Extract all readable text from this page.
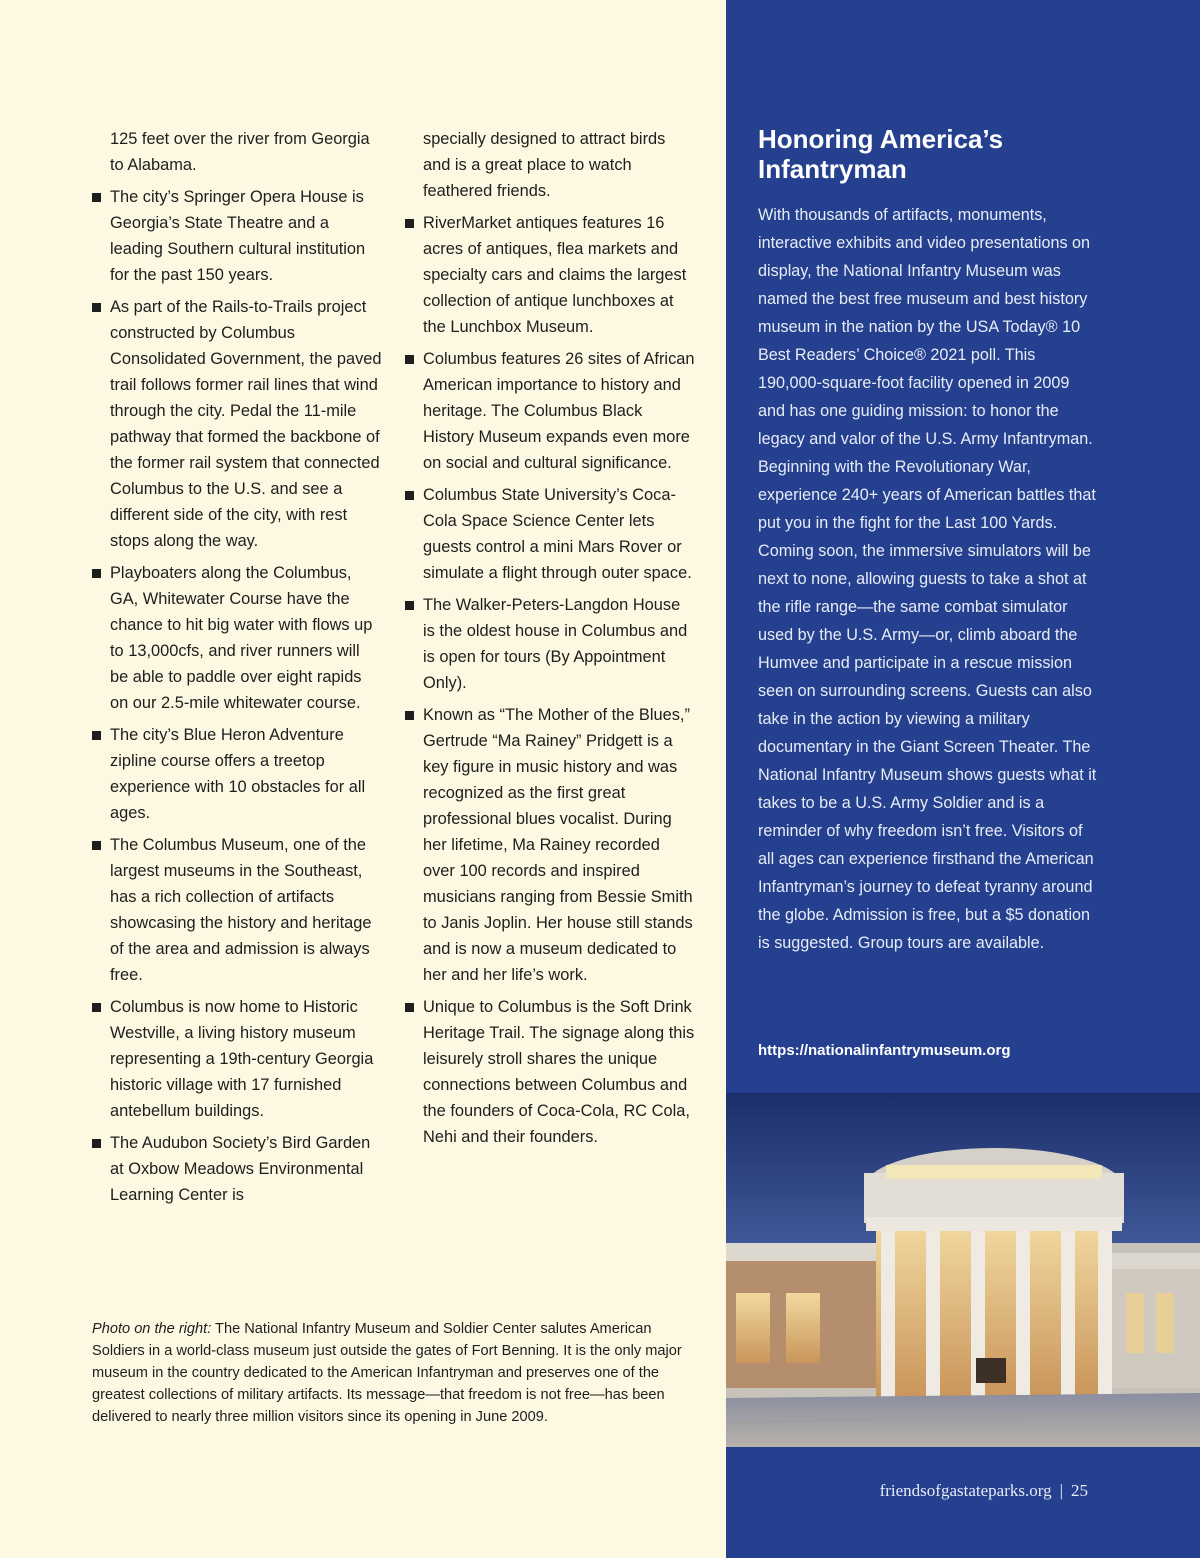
125 feet over the river from Georgia to Alabama.
The city’s Springer Opera House is Georgia’s State Theatre and a leading Southern cultural institution for the past 150 years.
As part of the Rails-to-Trails project constructed by Columbus Consolidated Government, the paved trail follows former rail lines that wind through the city. Pedal the 11-mile pathway that formed the backbone of the former rail system that connected Columbus to the U.S. and see a different side of the city, with rest stops along the way.
Playboaters along the Columbus, GA, Whitewater Course have the chance to hit big water with flows up to 13,000cfs, and river runners will be able to paddle over eight rapids on our 2.5-mile whitewater course.
The city’s Blue Heron Adventure zipline course offers a treetop experience with 10 obstacles for all ages.
The Columbus Museum, one of the largest museums in the Southeast, has a rich collection of artifacts showcasing the history and heritage of the area and admission is always free.
Columbus is now home to Historic Westville, a living history museum representing a 19th-century Georgia historic village with 17 furnished antebellum buildings.
The Audubon Society’s Bird Garden at Oxbow Meadows Environmental Learning Center is
specially designed to attract birds and is a great place to watch feathered friends.
RiverMarket antiques features 16 acres of antiques, flea markets and specialty cars and claims the largest collection of antique lunchboxes at the Lunchbox Museum.
Columbus features 26 sites of African American importance to history and heritage. The Columbus Black History Museum expands even more on social and cultural significance.
Columbus State University’s Coca-Cola Space Science Center lets guests control a mini Mars Rover or simulate a flight through outer space.
The Walker-Peters-Langdon House is the oldest house in Columbus and is open for tours (By Appointment Only).
Known as “The Mother of the Blues,” Gertrude “Ma Rainey” Pridgett is a key figure in music history and was recognized as the first great professional blues vocalist. During her lifetime, Ma Rainey recorded over 100 records and inspired musicians ranging from Bessie Smith to Janis Joplin. Her house still stands and is now a museum dedicated to her and her life’s work.
Unique to Columbus is the Soft Drink Heritage Trail. The signage along this leisurely stroll shares the unique connections between Columbus and the founders of Coca-Cola, RC Cola, Nehi and their founders.

Photo on the right: The National Infantry Museum and Soldier Center salutes American Soldiers in a world-class museum just outside the gates of Fort Benning. It is the only major museum in the country dedicated to the American Infantryman and preserves one of the greatest collections of military artifacts. Its message—that freedom is not free—has been delivered to nearly three million visitors since its opening in June 2009.

Honoring America’s Infantryman

With thousands of artifacts, monuments, interactive exhibits and video presentations on display, the National Infantry Museum was named the best free museum and best history museum in the nation by the USA Today® 10 Best Readers’ Choice® 2021 poll. This 190,000-square-foot facility opened in 2009 and has one guiding mission: to honor the legacy and valor of the U.S. Army Infantryman. Beginning with the Revolutionary War, experience 240+ years of American battles that put you in the fight for the Last 100 Yards. Coming soon, the immersive simulators will be next to none, allowing guests to take a shot at the rifle range—the same combat simulator used by the U.S. Army—or, climb aboard the Humvee and participate in a rescue mission seen on surrounding screens. Guests can also take in the action by viewing a military documentary in the Giant Screen Theater. The National Infantry Museum shows guests what it takes to be a U.S. Army Soldier and is a reminder of why freedom isn’t free. Visitors of all ages can experience firsthand the American Infantryman’s journey to defeat tyranny around the globe. Admission is free, but a $5 donation is suggested. Group tours are available.

https://nationalinfantrymuseum.org
friendsofgastateparks.org | 25
